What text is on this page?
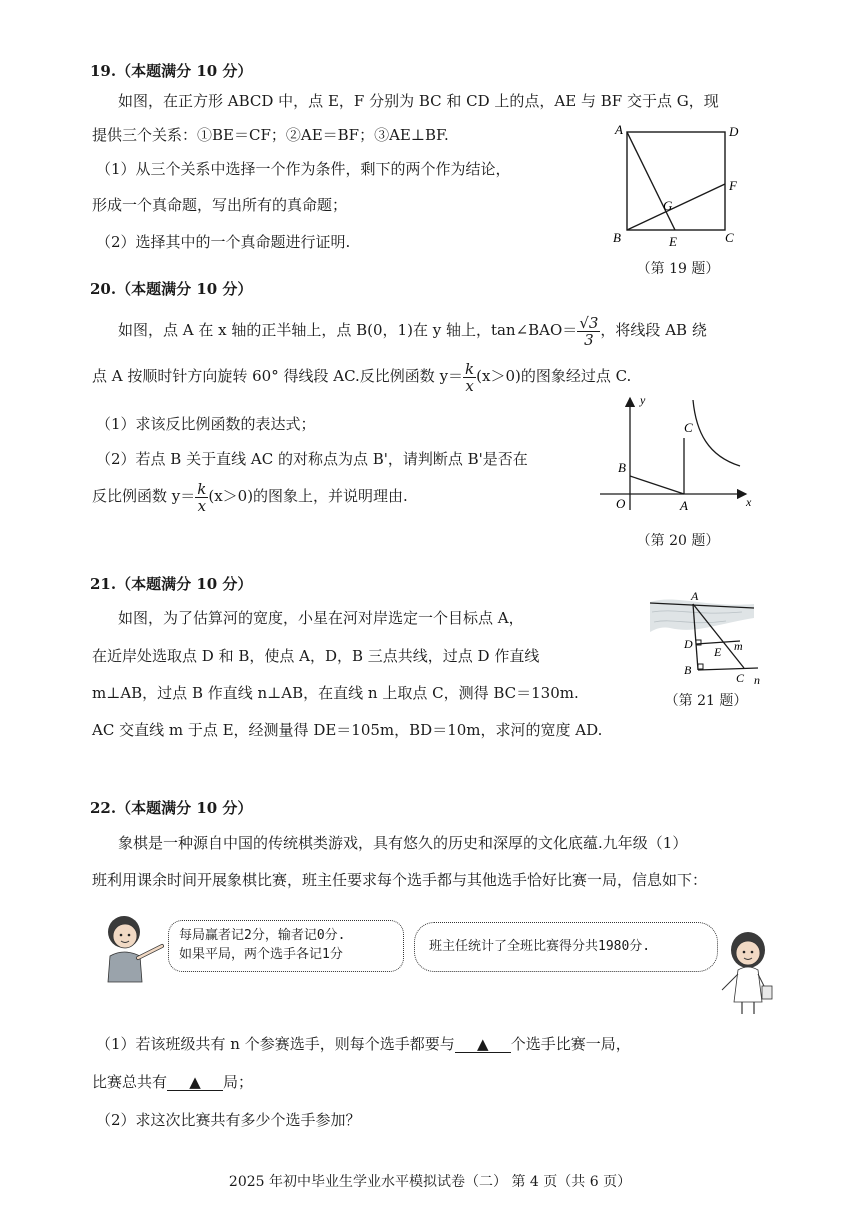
19.（本题满分 10 分）
如图，在正方形 ABCD 中，点 E，F 分别为 BC 和 CD 上的点，AE 与 BF 交于点 G，现
提供三个关系：①BE＝CF；②AE＝BF；③AE⊥BF.
（1）从三个关系中选择一个作为条件，剩下的两个作为结论，
形成一个真命题，写出所有的真命题；
（2）选择其中的一个真命题进行证明.
A	D
F
G
B	E	C
（第 19 题）
20.（本题满分 10 分）
如图，点 A 在 x 轴的正半轴上，点 B(0，1)在 y 轴上，tan∠BAO＝ $\frac{√3}{3}$ ，将线段 AB 绕
点 A 按顺时针方向旋转 60° 得线段 AC.反比例函数 $y= \frac{k}{x} (x>0)$的图象经过点 C.
（1）求该反比例函数的表达式；
（2）若点 B 关于直线 AC 的对称点为点 B'，请判断点 B'是否在
反比例函数 $y= \frac{k}{x} (x>0)$的图象上，并说明理由.
y
x
O	A
B
C
（第 20 题）
21.（本题满分 10 分）
如图，为了估算河的宽度，小星在河对岸选定一个目标点 A，
在近岸处选取点 D 和 B，使点 A，D，B 三点共线，过点 D 作直线
m⊥AB，过点 B 作直线 n⊥AB，在直线 n 上取点 C，测得 BC＝130m.
AC 交直线 m 于点 E，经测量得 DE＝105m，BD＝10m，求河的宽度 AD.
A
D
E m
B
C n
（第 21 题）
22.（本题满分 10 分）
象棋是一种源自中国的传统棋类游戏，具有悠久的历史和深厚的文化底蕴.九年级（1）
班利用课余时间开展象棋比赛，班主任要求每个选手都与其他选手恰好比赛一局，信息如下：
每局赢者记2分，输者记0分.
如果平局，两个选手各记1分
班主任统计了全班比赛得分共1980分.
（1）若该班级共有 n 个参赛选手，则每个选手都要与 ▲ 个选手比赛一局，
比赛总共有 ▲ 局；
（2）求这次比赛共有多少个选手参加？
2025 年初中毕业生学业水平模拟试卷（二） 第 4 页（共 6 页）
